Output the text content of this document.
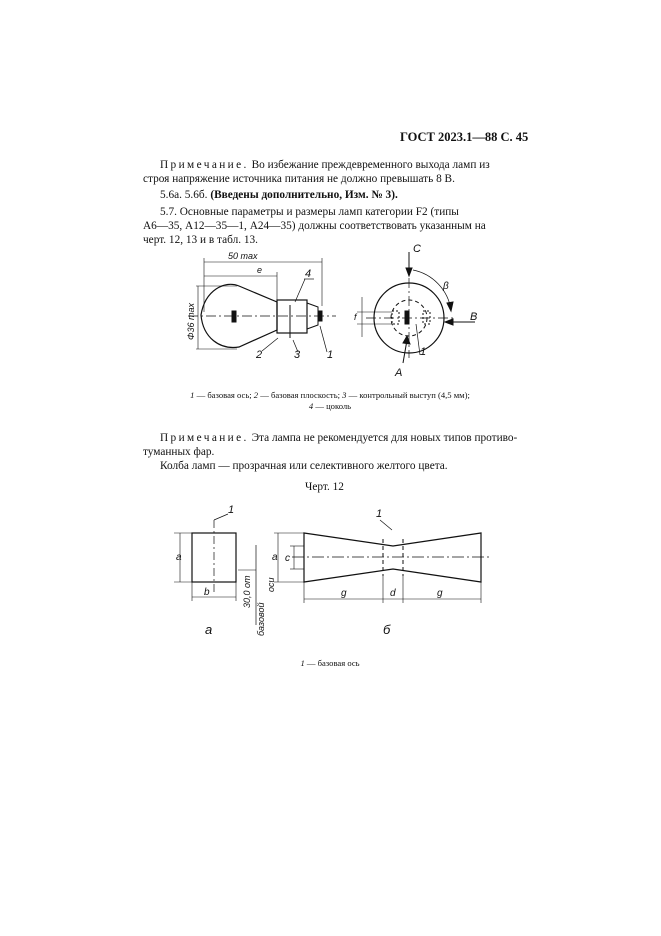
ГОСТ 2023.1—88 С. 45
Примечание. Во избежание преждевременного выхода ламп из
строя напряжение источника питания не должно превышать 8 В.
5.6а. 5.6б. (Введены дополнительно, Изм. № 3).
5.7. Основные параметры и размеры ламп категории F2 (типы
А6—35, А12—35—1, А24—35) должны соответствовать указанным на
черт. 12, 13 и в табл. 13.
50 max
e
Φ36 max
4
2	3 1
C
A
B
β
f
1
1 — базовая ось; 2 — базовая плоскость; 3 — контрольный выступ (4,5 мм);
4 — цоколь
Примечание. Эта лампа не рекомендуется для новых типов противо-
туманных фар.
Колба ламп — прозрачная или селективного желтого цвета.
Черт. 12
1
a
b	30,0 от
базовой
оси
1
a c
g	d	g
а	б
1 — базовая ось
